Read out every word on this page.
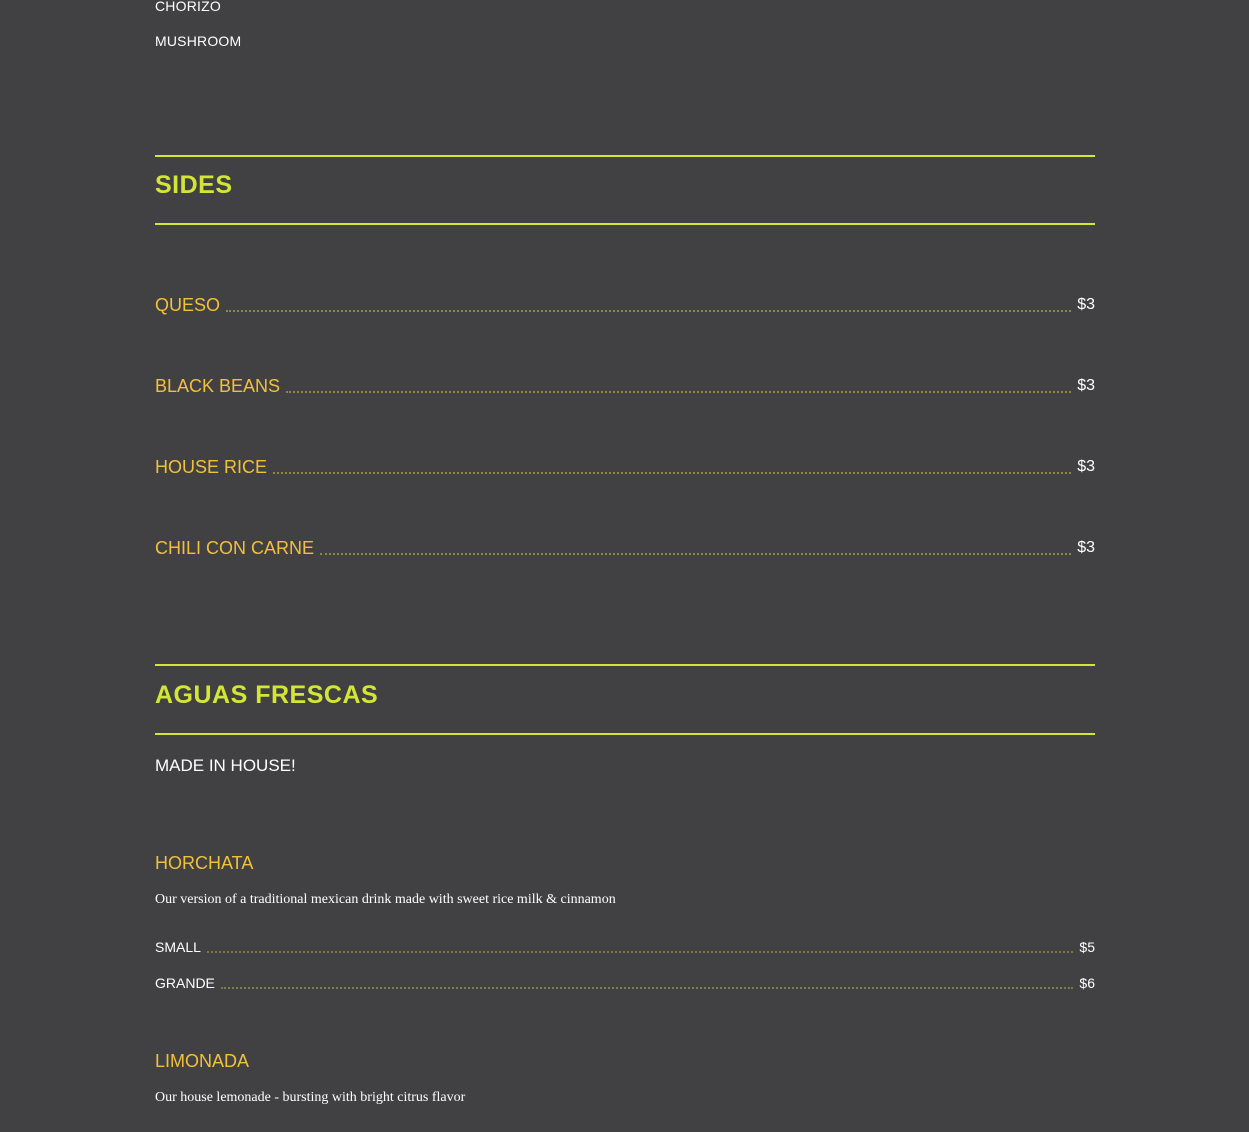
CHORIZO
MUSHROOM
SIDES
QUESO	$3
BLACK BEANS	$3
HOUSE RICE	$3
CHILI CON CARNE	$3
AGUAS FRESCAS
MADE IN HOUSE!
HORCHATA
Our version of a traditional mexican drink made with sweet rice milk & cinnamon
SMALL	$5
GRANDE	$6
LIMONADA
Our house lemonade - bursting with bright citrus flavor
